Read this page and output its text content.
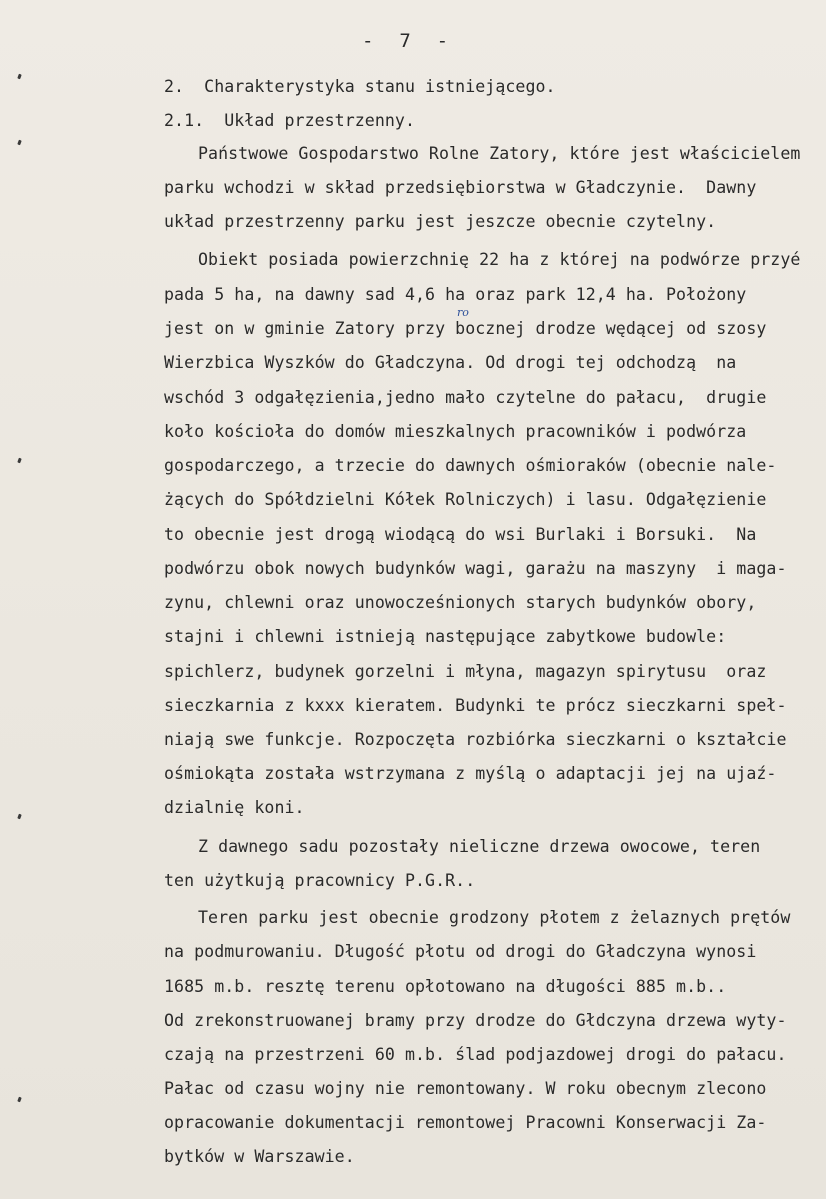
-  7  -
2.  Charakterystyka stanu istniejącego.
2.1.  Układ przestrzenny.
Państwowe Gospodarstwo Rolne Zatory, które jest właścicielem
parku wchodzi w skład przedsiębiorstwa w Gładczynie.  Dawny
układ przestrzenny parku jest jeszcze obecnie czytelny.
Obiekt posiada powierzchnię 22 ha z której na podwórze przyé
pada 5 ha, na dawny sad 4,6 ha oraz park 12,4 ha. Położony
jest on w gminie Zatory przy bocznej drodze wędącej od szosy
ro
Wierzbica Wyszków do Gładczyna. Od drogi tej odchodzą  na
wschód 3 odgałęzienia,jedno mało czytelne do pałacu,  drugie
koło kościoła do domów mieszkalnych pracowników i podwórza
gospodarczego, a trzecie do dawnych ośmioraków (obecnie nale-
żących do Spółdzielni Kółek Rolniczych) i lasu. Odgałęzienie
to obecnie jest drogą wiodącą do wsi Burlaki i Borsuki.  Na
podwórzu obok nowych budynków wagi, garażu na maszyny  i maga-
zynu, chlewni oraz unowocześnionych starych budynków obory,
stajni i chlewni istnieją następujące zabytkowe budowle:
spichlerz, budynek gorzelni i młyna, magazyn spirytusu  oraz
sieczkarnia z kxxx kieratem. Budynki te prócz sieczkarni speł-
niają swe funkcje. Rozpoczęta rozbiórka sieczkarni o kształcie
ośmiokąta została wstrzymana z myślą o adaptacji jej na ujaź-
dzialnię koni.
Z dawnego sadu pozostały nieliczne drzewa owocowe, teren
ten użytkują pracownicy P.G.R..
Teren parku jest obecnie grodzony płotem z żelaznych prętów
na podmurowaniu. Długość płotu od drogi do Gładczyna wynosi
1685 m.b. resztę terenu opłotowano na długości 885 m.b..
Od zrekonstruowanej bramy przy drodze do Głdczyna drzewa wyty-
czają na przestrzeni 60 m.b. ślad podjazdowej drogi do pałacu.
Pałac od czasu wojny nie remontowany. W roku obecnym zlecono
opracowanie dokumentacji remontowej Pracowni Konserwacji Za-
bytków w Warszawie.
